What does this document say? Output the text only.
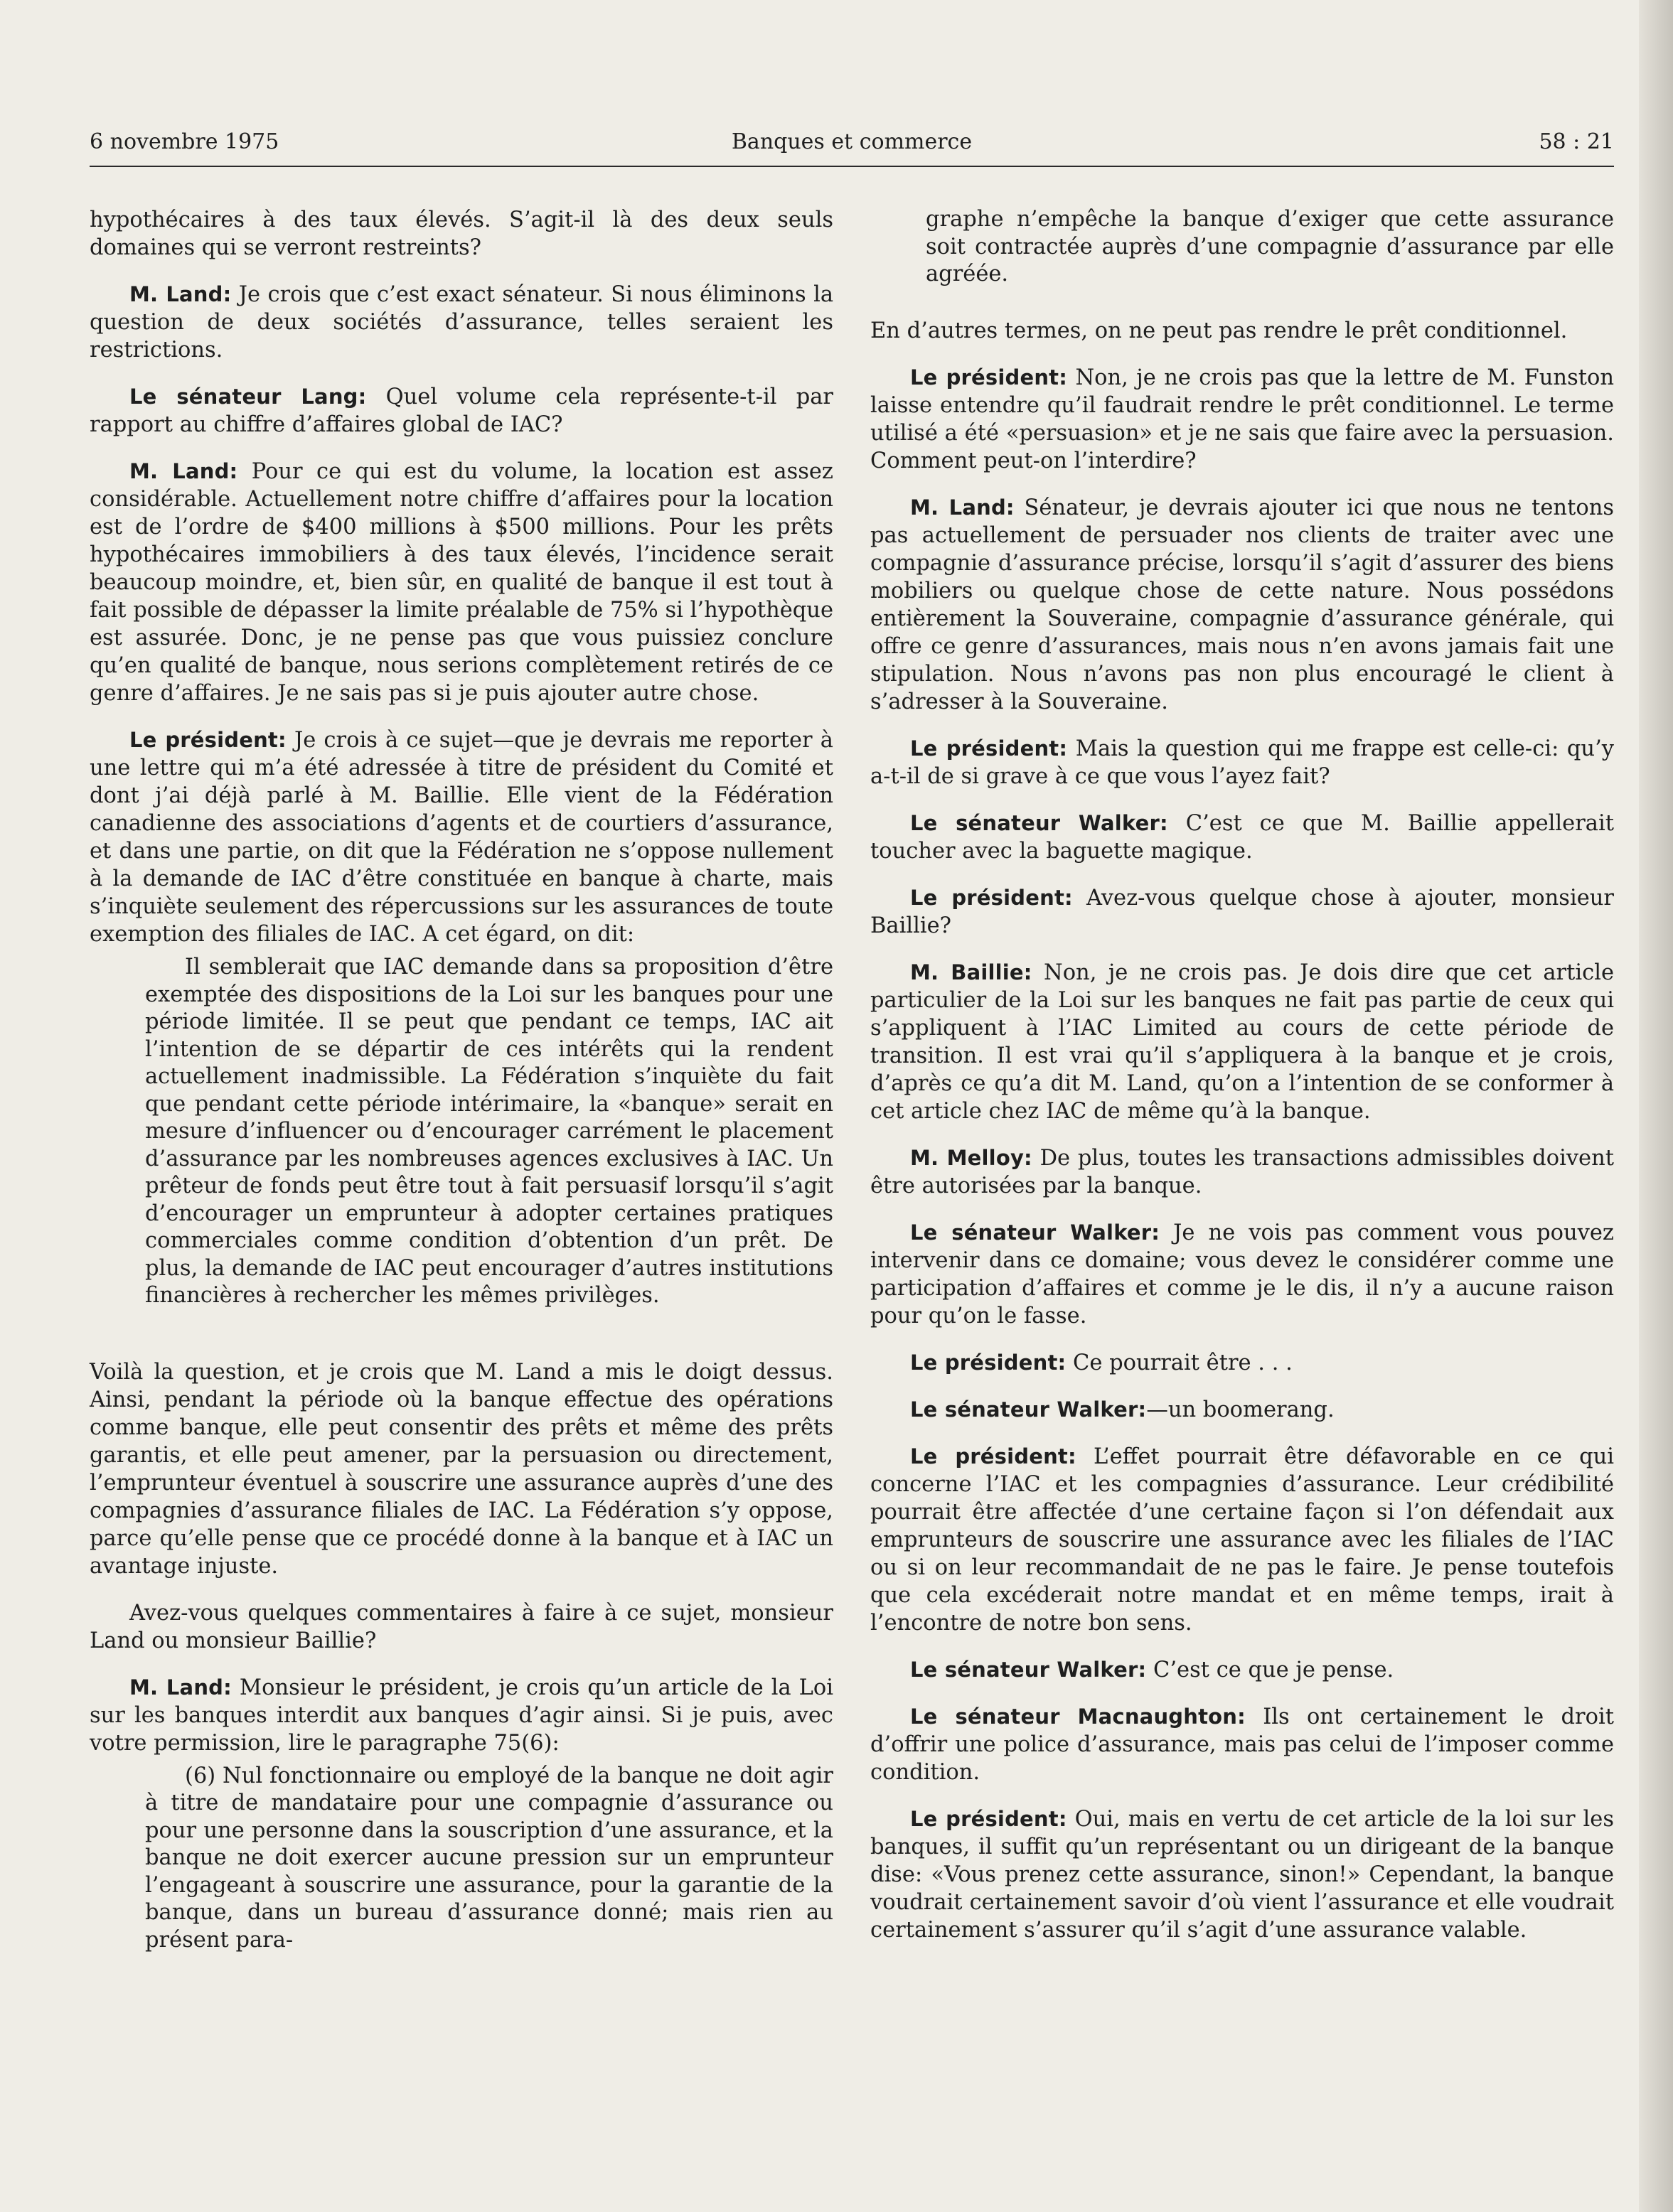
6 novembre 1975	Banques et commerce	58 : 21

hypothécaires à des taux élevés. S’agit-il là des deux seuls domaines qui se verront restreints?

M. Land: Je crois que c’est exact sénateur. Si nous éliminons la question de deux sociétés d’assurance, telles seraient les restrictions.

Le sénateur Lang: Quel volume cela représente-t-il par rapport au chiffre d’affaires global de IAC?

M. Land: Pour ce qui est du volume, la location est assez considérable. Actuellement notre chiffre d’affaires pour la location est de l’ordre de $400 millions à $500 millions. Pour les prêts hypothécaires immobiliers à des taux élevés, l’incidence serait beaucoup moindre, et, bien sûr, en qualité de banque il est tout à fait possible de dépasser la limite préalable de 75% si l’hypothèque est assurée. Donc, je ne pense pas que vous puissiez conclure qu’en qualité de banque, nous serions complètement retirés de ce genre d’affaires. Je ne sais pas si je puis ajouter autre chose.

Le président: Je crois à ce sujet—que je devrais me reporter à une lettre qui m’a été adressée à titre de président du Comité et dont j’ai déjà parlé à M. Baillie. Elle vient de la Fédération canadienne des associations d’agents et de courtiers d’assurance, et dans une partie, on dit que la Fédération ne s’oppose nullement à la demande de IAC d’être constituée en banque à charte, mais s’inquiète seulement des répercussions sur les assurances de toute exemption des filiales de IAC. A cet égard, on dit:

Il semblerait que IAC demande dans sa proposition d’être exemptée des dispositions de la Loi sur les banques pour une période limitée. Il se peut que pendant ce temps, IAC ait l’intention de se départir de ces intérêts qui la rendent actuellement inadmissible. La Fédération s’inquiète du fait que pendant cette période intérimaire, la «banque» serait en mesure d’influencer ou d’encourager carrément le placement d’assurance par les nombreuses agences exclusives à IAC. Un prêteur de fonds peut être tout à fait persuasif lorsqu’il s’agit d’encourager un emprunteur à adopter certaines pratiques commerciales comme condition d’obtention d’un prêt. De plus, la demande de IAC peut encourager d’autres institutions financières à rechercher les mêmes privilèges.

Voilà la question, et je crois que M. Land a mis le doigt dessus. Ainsi, pendant la période où la banque effectue des opérations comme banque, elle peut consentir des prêts et même des prêts garantis, et elle peut amener, par la persuasion ou directement, l’emprunteur éventuel à souscrire une assurance auprès d’une des compagnies d’assurance filiales de IAC. La Fédération s’y oppose, parce qu’elle pense que ce procédé donne à la banque et à IAC un avantage injuste.

Avez-vous quelques commentaires à faire à ce sujet, monsieur Land ou monsieur Baillie?

M. Land: Monsieur le président, je crois qu’un article de la Loi sur les banques interdit aux banques d’agir ainsi. Si je puis, avec votre permission, lire le paragraphe 75(6):

(6) Nul fonctionnaire ou employé de la banque ne doit agir à titre de mandataire pour une compagnie d’assurance ou pour une personne dans la souscription d’une assurance, et la banque ne doit exercer aucune pression sur un emprunteur l’engageant à souscrire une assurance, pour la garantie de la banque, dans un bureau d’assurance donné; mais rien au présent para-

graphe n’empêche la banque d’exiger que cette assurance soit contractée auprès d’une compagnie d’assurance par elle agréée.

En d’autres termes, on ne peut pas rendre le prêt conditionnel.

Le président: Non, je ne crois pas que la lettre de M. Funston laisse entendre qu’il faudrait rendre le prêt conditionnel. Le terme utilisé a été «persuasion» et je ne sais que faire avec la persuasion. Comment peut-on l’interdire?

M. Land: Sénateur, je devrais ajouter ici que nous ne tentons pas actuellement de persuader nos clients de traiter avec une compagnie d’assurance précise, lorsqu’il s’agit d’assurer des biens mobiliers ou quelque chose de cette nature. Nous possédons entièrement la Souveraine, compagnie d’assurance générale, qui offre ce genre d’assurances, mais nous n’en avons jamais fait une stipulation. Nous n’avons pas non plus encouragé le client à s’adresser à la Souveraine.

Le président: Mais la question qui me frappe est celle-ci: qu’y a-t-il de si grave à ce que vous l’ayez fait?

Le sénateur Walker: C’est ce que M. Baillie appellerait toucher avec la baguette magique.

Le président: Avez-vous quelque chose à ajouter, monsieur Baillie?

M. Baillie: Non, je ne crois pas. Je dois dire que cet article particulier de la Loi sur les banques ne fait pas partie de ceux qui s’appliquent à l’IAC Limited au cours de cette période de transition. Il est vrai qu’il s’appliquera à la banque et je crois, d’après ce qu’a dit M. Land, qu’on a l’intention de se conformer à cet article chez IAC de même qu’à la banque.

M. Melloy: De plus, toutes les transactions admissibles doivent être autorisées par la banque.

Le sénateur Walker: Je ne vois pas comment vous pouvez intervenir dans ce domaine; vous devez le considérer comme une participation d’affaires et comme je le dis, il n’y a aucune raison pour qu’on le fasse.

Le président: Ce pourrait être . . .

Le sénateur Walker:—un boomerang.

Le président: L’effet pourrait être défavorable en ce qui concerne l’IAC et les compagnies d’assurance. Leur crédibilité pourrait être affectée d’une certaine façon si l’on défendait aux emprunteurs de souscrire une assurance avec les filiales de l’IAC ou si on leur recommandait de ne pas le faire. Je pense toutefois que cela excéderait notre mandat et en même temps, irait à l’encontre de notre bon sens.

Le sénateur Walker: C’est ce que je pense.

Le sénateur Macnaughton: Ils ont certainement le droit d’offrir une police d’assurance, mais pas celui de l’imposer comme condition.

Le président: Oui, mais en vertu de cet article de la loi sur les banques, il suffit qu’un représentant ou un dirigeant de la banque dise: «Vous prenez cette assurance, sinon!» Cependant, la banque voudrait certainement savoir d’où vient l’assurance et elle voudrait certainement s’assurer qu’il s’agit d’une assurance valable.
